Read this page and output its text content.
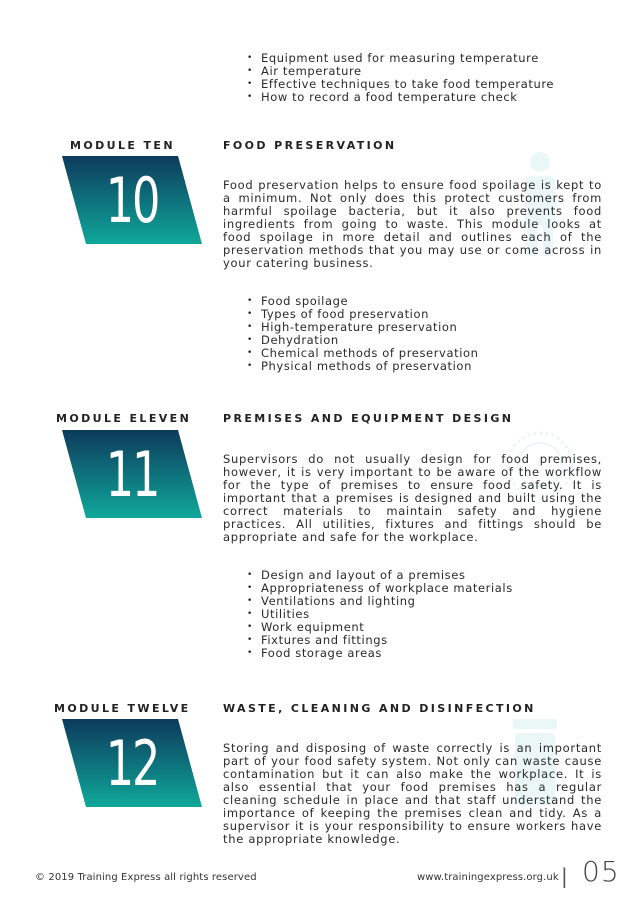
• Equipment used for measuring temperature
• Air temperature
• Effective techniques to take food temperature
• How to record a food temperature check
MODULE TEN	FOOD PRESERVATION
10	Food preservation helps to ensure food spoilage is kept to a minimum. Not only does this protect customers from harmful spoilage bacteria, but it also prevents food ingredients from going to waste. This module looks at food spoilage in more detail and outlines each of the preservation methods that you may use or come across in your catering business.
• Food spoilage
• Types of food preservation
• High-temperature preservation
• Dehydration
• Chemical methods of preservation
• Physical methods of preservation
MODULE ELEVEN	PREMISES AND EQUIPMENT DESIGN
11	Supervisors do not usually design for food premises, however, it is very important to be aware of the workflow for the type of premises to ensure food safety. It is important that a premises is designed and built using the correct materials to maintain safety and hygiene practices. All utilities, fixtures and fittings should be appropriate and safe for the workplace.
• Design and layout of a premises
• Appropriateness of workplace materials
• Ventilations and lighting
• Utilities
• Work equipment
• Fixtures and fittings
• Food storage areas
MODULE TWELVE	WASTE, CLEANING AND DISINFECTION
12	Storing and disposing of waste correctly is an important part of your food safety system. Not only can waste cause contamination but it can also make the workplace. It is also essential that your food premises has a regular cleaning schedule in place and that staff understand the importance of keeping the premises clean and tidy. As a supervisor it is your responsibility to ensure workers have the appropriate knowledge.
© 2019 Training Express all rights reserved	www.trainingexpress.org.uk | 05
